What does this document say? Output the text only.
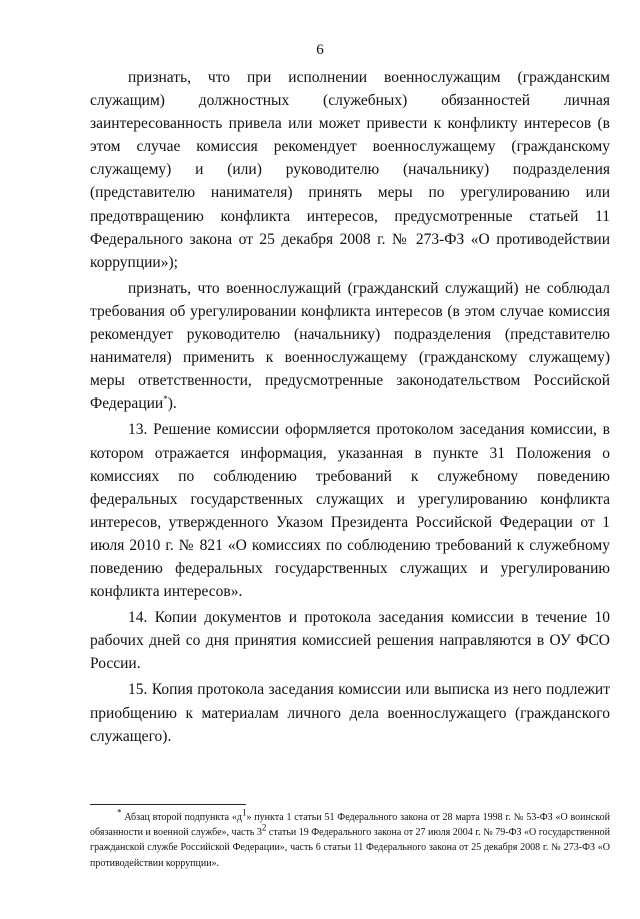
6

признать, что при исполнении военнослужащим (гражданским служащим) должностных (служебных) обязанностей личная заинтересованность привела или может привести к конфликту интересов (в этом случае комиссия рекомендует военнослужащему (гражданскому служащему) и (или) руководителю (начальнику) подразделения (представителю нанимателя) принять меры по урегулированию или предотвращению конфликта интересов, предусмотренные статьей 11 Федерального закона от 25 декабря 2008 г. № 273-ФЗ «О противодействии коррупции»);

признать, что военнослужащий (гражданский служащий) не соблюдал требования об урегулировании конфликта интересов (в этом случае комиссия рекомендует руководителю (начальнику) подразделения (представителю нанимателя) применить к военнослужащему (гражданскому служащему) меры ответственности, предусмотренные законодательством Российской Федерации*).

13. Решение комиссии оформляется протоколом заседания комиссии, в котором отражается информация, указанная в пункте 31 Положения о комиссиях по соблюдению требований к служебному поведению федеральных государственных служащих и урегулированию конфликта интересов, утвержденного Указом Президента Российской Федерации от 1 июля 2010 г. № 821 «О комиссиях по соблюдению требований к служебному поведению федеральных государственных служащих и урегулированию конфликта интересов».

14. Копии документов и протокола заседания комиссии в течение 10 рабочих дней со дня принятия комиссией решения направляются в ОУ ФСО России.

15. Копия протокола заседания комиссии или выписка из него подлежит приобщению к материалам личного дела военнослужащего (гражданского служащего).

* Абзац второй подпункта «$д^1$» пункта 1 статьи 51 Федерального закона от 28 марта 1998 г. № 53-ФЗ «О воинской обязанности и военной службе», часть $3^2$ статьи 19 Федерального закона от 27 июля 2004 г. № 79-ФЗ «О государственной гражданской службе Российской Федерации», часть 6 статьи 11 Федерального закона от 25 декабря 2008 г. № 273-ФЗ «О противодействии коррупции».
